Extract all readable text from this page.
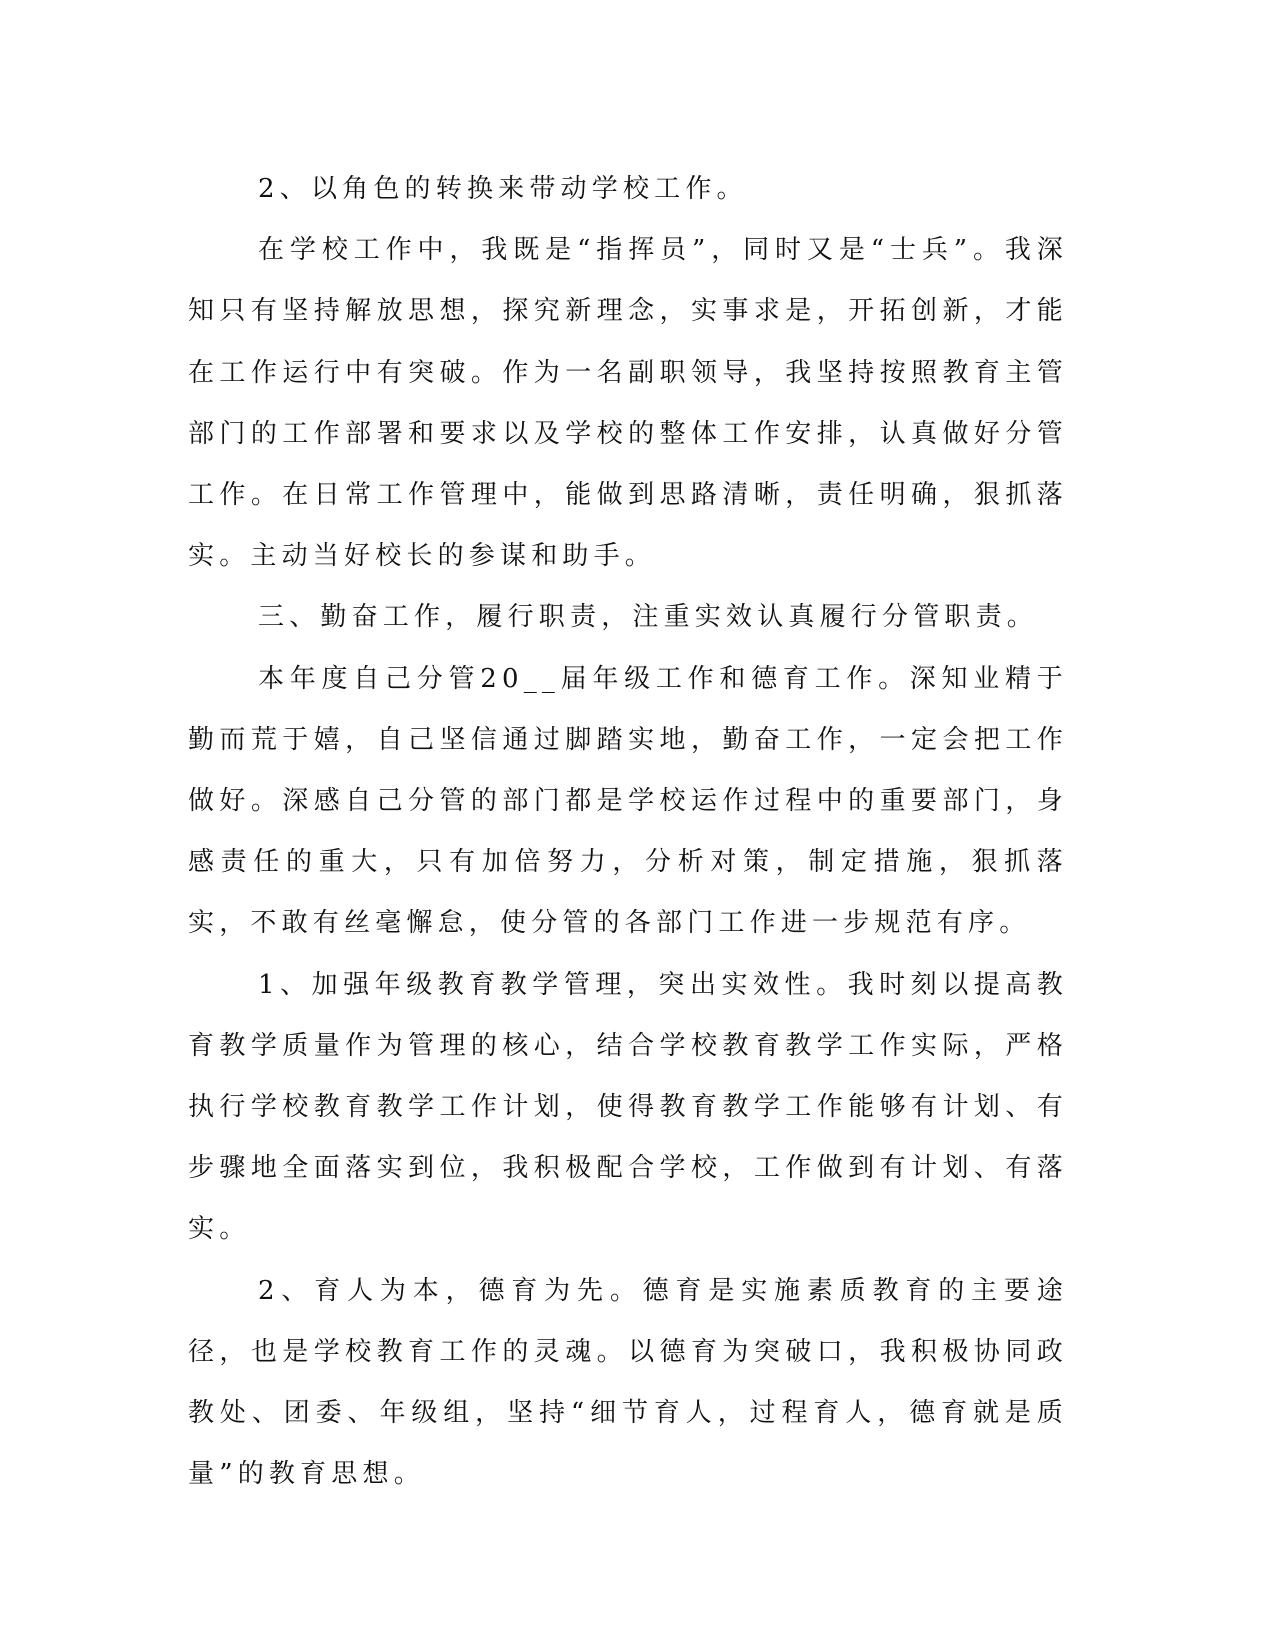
2、以角色的转换来带动学校工作。

在学校工作中，我既是“指挥员”，同时又是“士兵”。我深知只有坚持解放思想，探究新理念，实事求是，开拓创新，才能在工作运行中有突破。作为一名副职领导，我坚持按照教育主管部门的工作部署和要求以及学校的整体工作安排，认真做好分管工作。在日常工作管理中，能做到思路清晰，责任明确，狠抓落实。主动当好校长的参谋和助手。

三、勤奋工作，履行职责，注重实效认真履行分管职责。

本年度自己分管20__届年级工作和德育工作。深知业精于勤而荒于嬉，自己坚信通过脚踏实地，勤奋工作，一定会把工作做好。深感自己分管的部门都是学校运作过程中的重要部门，身感责任的重大，只有加倍努力，分析对策，制定措施，狠抓落实，不敢有丝毫懈怠，使分管的各部门工作进一步规范有序。

1、加强年级教育教学管理，突出实效性。我时刻以提高教育教学质量作为管理的核心，结合学校教育教学工作实际，严格执行学校教育教学工作计划，使得教育教学工作能够有计划、有步骤地全面落实到位，我积极配合学校，工作做到有计划、有落实。

2、育人为本，德育为先。德育是实施素质教育的主要途径，也是学校教育工作的灵魂。以德育为突破口，我积极协同政教处、团委、年级组，坚持“细节育人，过程育人，德育就是质量”的教育思想。
